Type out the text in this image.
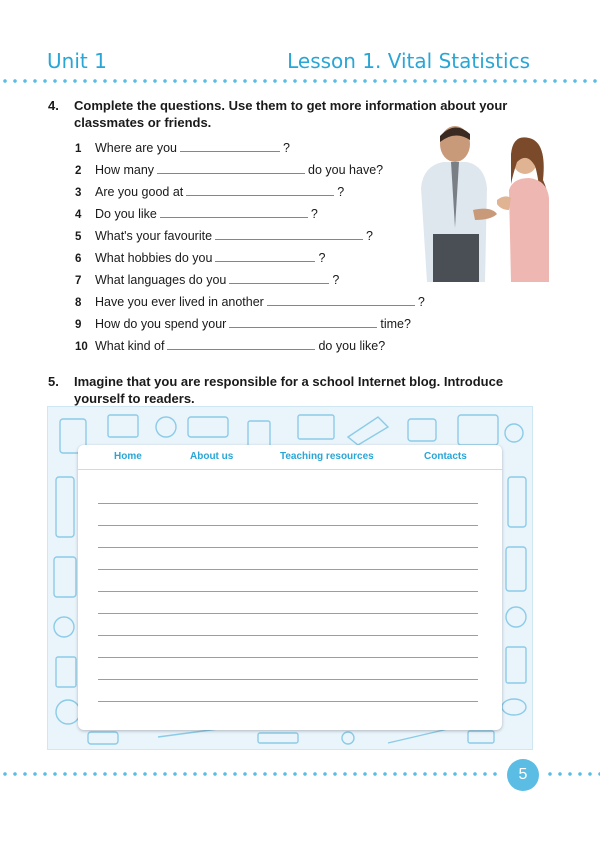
Unit 1	Lesson 1. Vital Statistics
4. Complete the questions. Use them to get more information about your classmates or friends.
1 Where are you	?
2 How many	do you have?
3 Are you good at	?
4 Do you like	?
5 What's your favourite	?
6 What hobbies do you	?
7 What languages do you	?
8 Have you ever lived in another	?
9 How do you spend your	time?
10 What kind of	do you like?
5. Imagine that you are responsible for a school Internet blog. Introduce yourself to readers.
Home	About us	Teaching resources	Contacts
5
